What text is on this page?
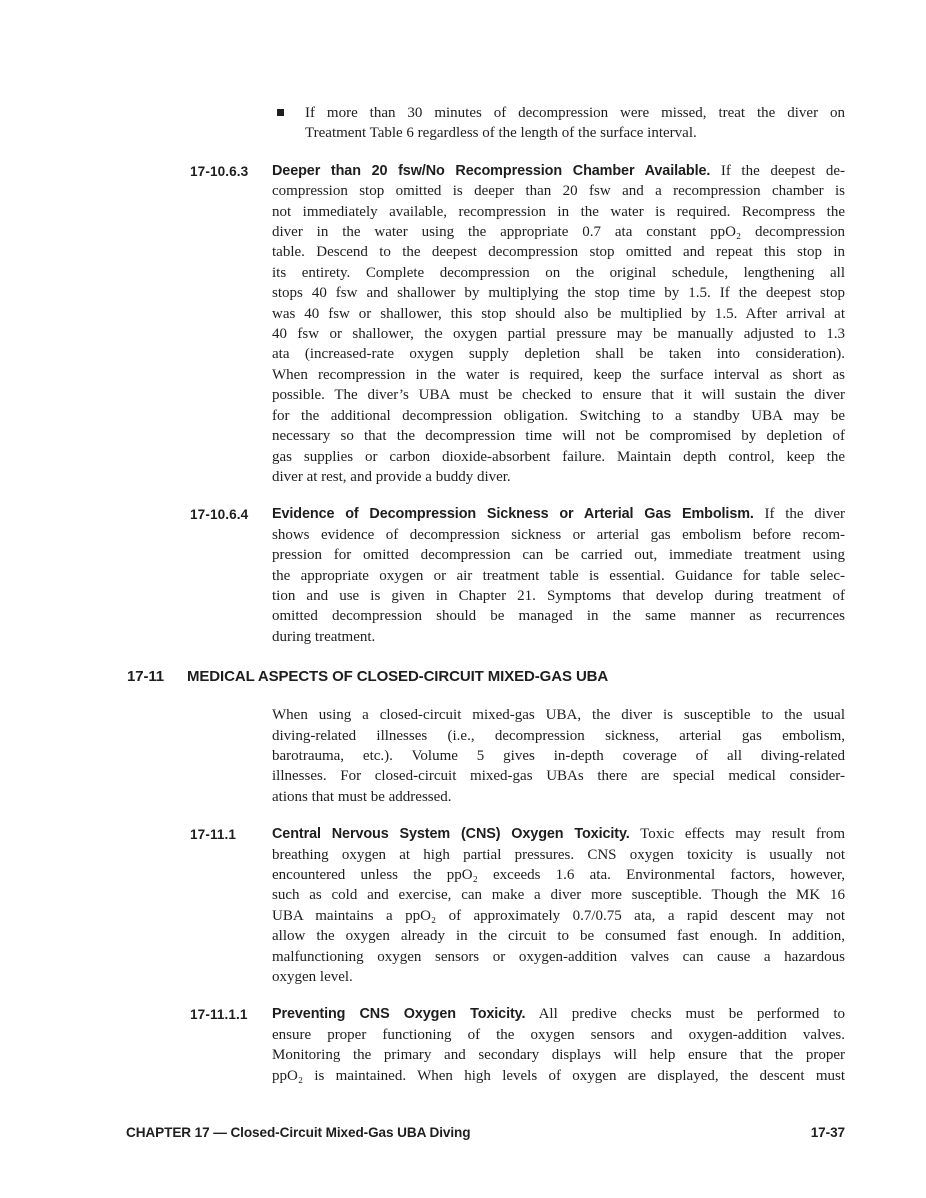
If more than 30 minutes of decompression were missed, treat the diver on
Treatment Table 6 regardless of the length of the surface interval.
17-10.6.3 Deeper than 20 fsw/No Recompression Chamber Available. If the deepest de-
compression stop omitted is deeper than 20 fsw and a recompression chamber is
not immediately available, recompression in the water is required. Recompress the
diver in the water using the appropriate 0.7 ata constant ppO₂ decompression
table. Descend to the deepest decompression stop omitted and repeat this stop in
its entirety. Complete decompression on the original schedule, lengthening all
stops 40 fsw and shallower by multiplying the stop time by 1.5. If the deepest stop
was 40 fsw or shallower, this stop should also be multiplied by 1.5. After arrival at
40 fsw or shallower, the oxygen partial pressure may be manually adjusted to 1.3
ata (increased-rate oxygen supply depletion shall be taken into consideration).
When recompression in the water is required, keep the surface interval as short as
possible. The diver’s UBA must be checked to ensure that it will sustain the diver
for the additional decompression obligation. Switching to a standby UBA may be
necessary so that the decompression time will not be compromised by depletion of
gas supplies or carbon dioxide-absorbent failure. Maintain depth control, keep the
diver at rest, and provide a buddy diver.
17-10.6.4 Evidence of Decompression Sickness or Arterial Gas Embolism. If the diver
shows evidence of decompression sickness or arterial gas embolism before recom-
pression for omitted decompression can be carried out, immediate treatment using
the appropriate oxygen or air treatment table is essential. Guidance for table selec-
tion and use is given in Chapter 21. Symptoms that develop during treatment of
omitted decompression should be managed in the same manner as recurrences
during treatment.
17-11 MEDICAL ASPECTS OF CLOSED-CIRCUIT MIXED-GAS UBA
When using a closed-circuit mixed-gas UBA, the diver is susceptible to the usual
diving-related illnesses (i.e., decompression sickness, arterial gas embolism,
barotrauma, etc.). Volume 5 gives in-depth coverage of all diving-related
illnesses. For closed-circuit mixed-gas UBAs there are special medical consider-
ations that must be addressed.
17-11.1 Central Nervous System (CNS) Oxygen Toxicity. Toxic effects may result from
breathing oxygen at high partial pressures. CNS oxygen toxicity is usually not
encountered unless the ppO₂ exceeds 1.6 ata. Environmental factors, however,
such as cold and exercise, can make a diver more susceptible. Though the MK 16
UBA maintains a ppO₂ of approximately 0.7/0.75 ata, a rapid descent may not
allow the oxygen already in the circuit to be consumed fast enough. In addition,
malfunctioning oxygen sensors or oxygen-addition valves can cause a hazardous
oxygen level.
17-11.1.1 Preventing CNS Oxygen Toxicity. All predive checks must be performed to
ensure proper functioning of the oxygen sensors and oxygen-addition valves.
Monitoring the primary and secondary displays will help ensure that the proper
ppO₂ is maintained. When high levels of oxygen are displayed, the descent must
CHAPTER 17 — Closed-Circuit Mixed-Gas UBA Diving	17-37
